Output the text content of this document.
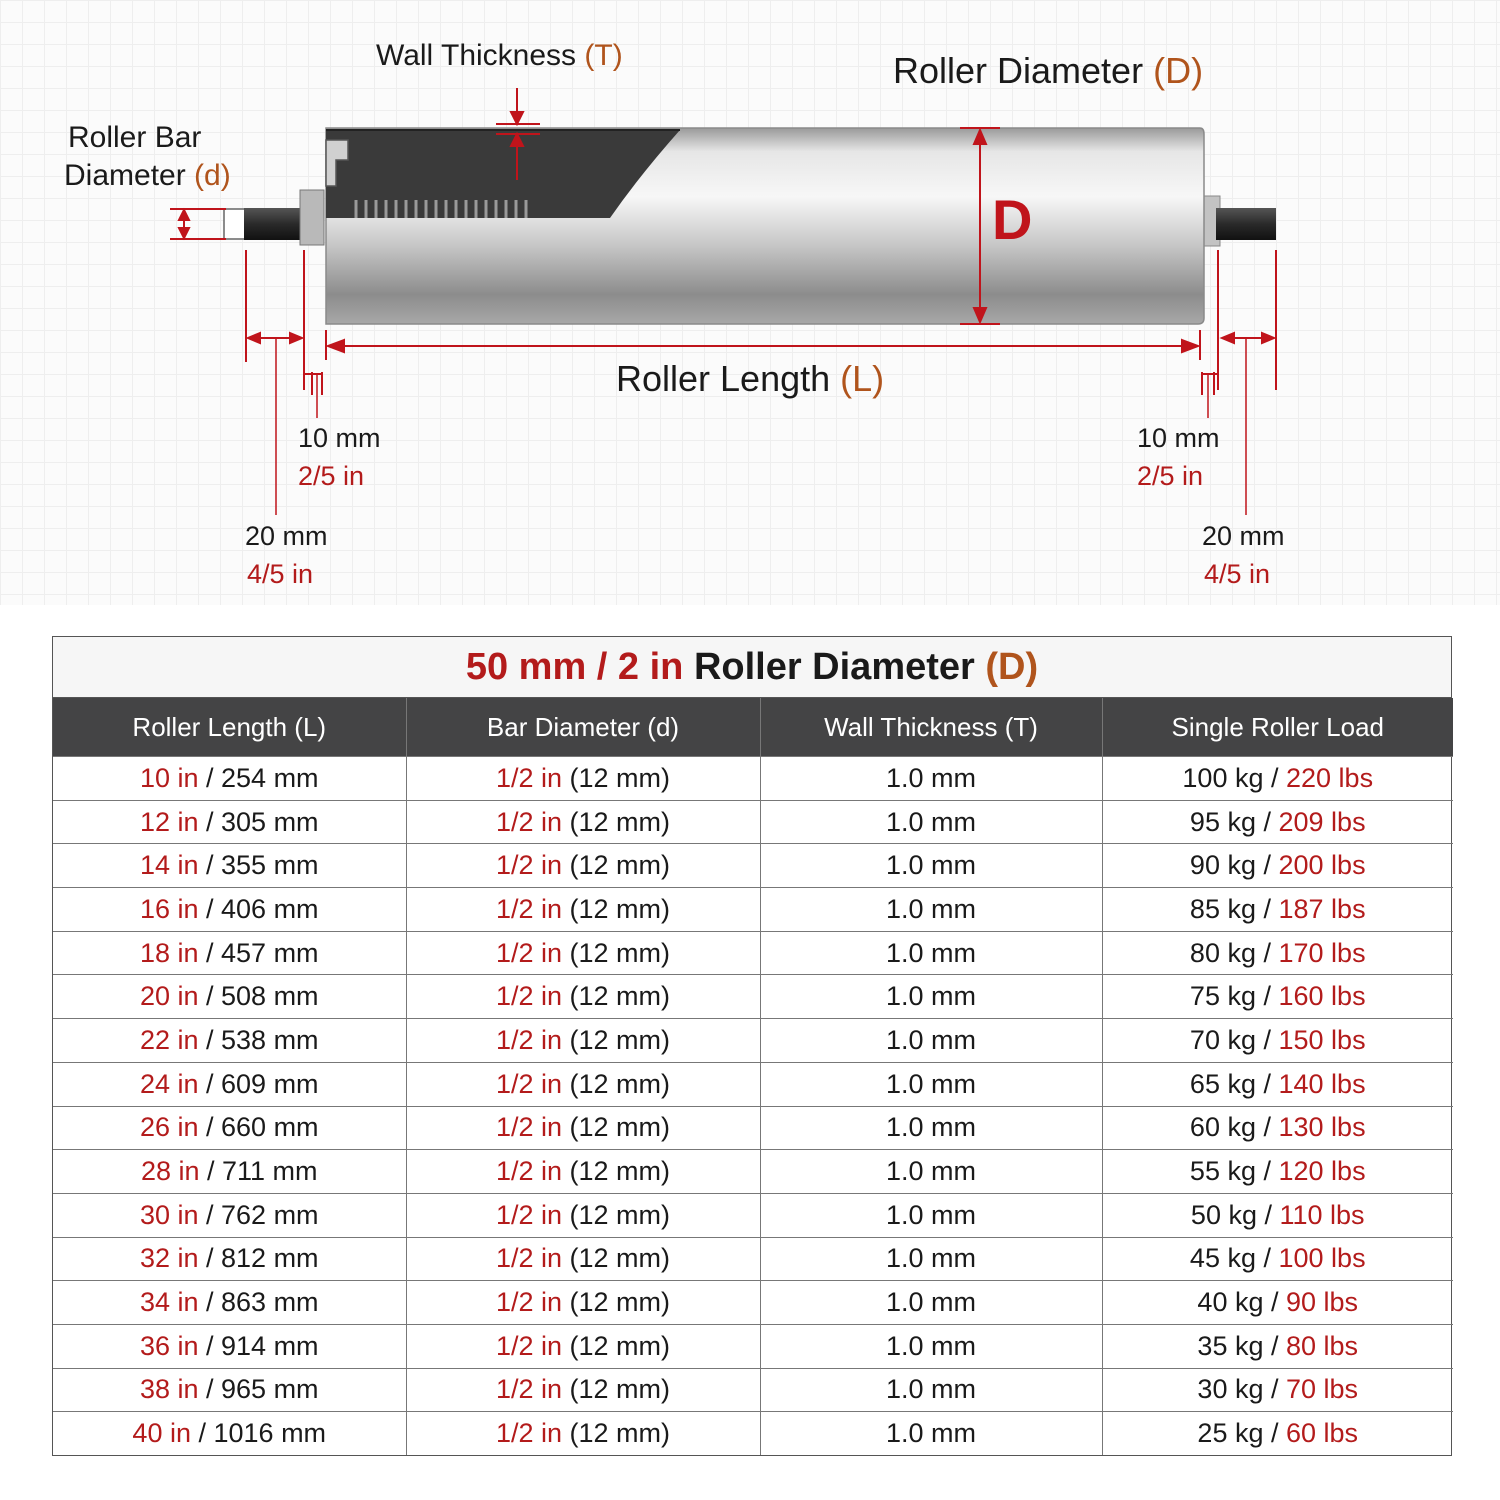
Wall Thickness (T)	Roller Diameter (D)
D
Roller Bar
Diameter (d)
Roller Length (L)
10 mm
2/5 in
20 mm
4/5 in
10 mm
2/5 in
20 mm
4/5 in
50 mm / 2 in Roller Diameter (D)
Roller Length (L)	Bar Diameter (d)	Wall Thickness (T)	Single Roller Load
10 in / 254 mm	1/2 in (12 mm)	1.0 mm	100 kg / 220 lbs
12 in / 305 mm	1/2 in (12 mm)	1.0 mm	95 kg / 209 lbs
14 in / 355 mm	1/2 in (12 mm)	1.0 mm	90 kg / 200 lbs
16 in / 406 mm	1/2 in (12 mm)	1.0 mm	85 kg / 187 lbs
18 in / 457 mm	1/2 in (12 mm)	1.0 mm	80 kg / 170 lbs
20 in / 508 mm	1/2 in (12 mm)	1.0 mm	75 kg / 160 lbs
22 in / 538 mm	1/2 in (12 mm)	1.0 mm	70 kg / 150 lbs
24 in / 609 mm	1/2 in (12 mm)	1.0 mm	65 kg / 140 lbs
26 in / 660 mm	1/2 in (12 mm)	1.0 mm	60 kg / 130 lbs
28 in / 711 mm	1/2 in (12 mm)	1.0 mm	55 kg / 120 lbs
30 in / 762 mm	1/2 in (12 mm)	1.0 mm	50 kg / 110 lbs
32 in / 812 mm	1/2 in (12 mm)	1.0 mm	45 kg / 100 lbs
34 in / 863 mm	1/2 in (12 mm)	1.0 mm	40 kg / 90 lbs
36 in / 914 mm	1/2 in (12 mm)	1.0 mm	35 kg / 80 lbs
38 in / 965 mm	1/2 in (12 mm)	1.0 mm	30 kg / 70 lbs
40 in / 1016 mm	1/2 in (12 mm)	1.0 mm	25 kg / 60 lbs
